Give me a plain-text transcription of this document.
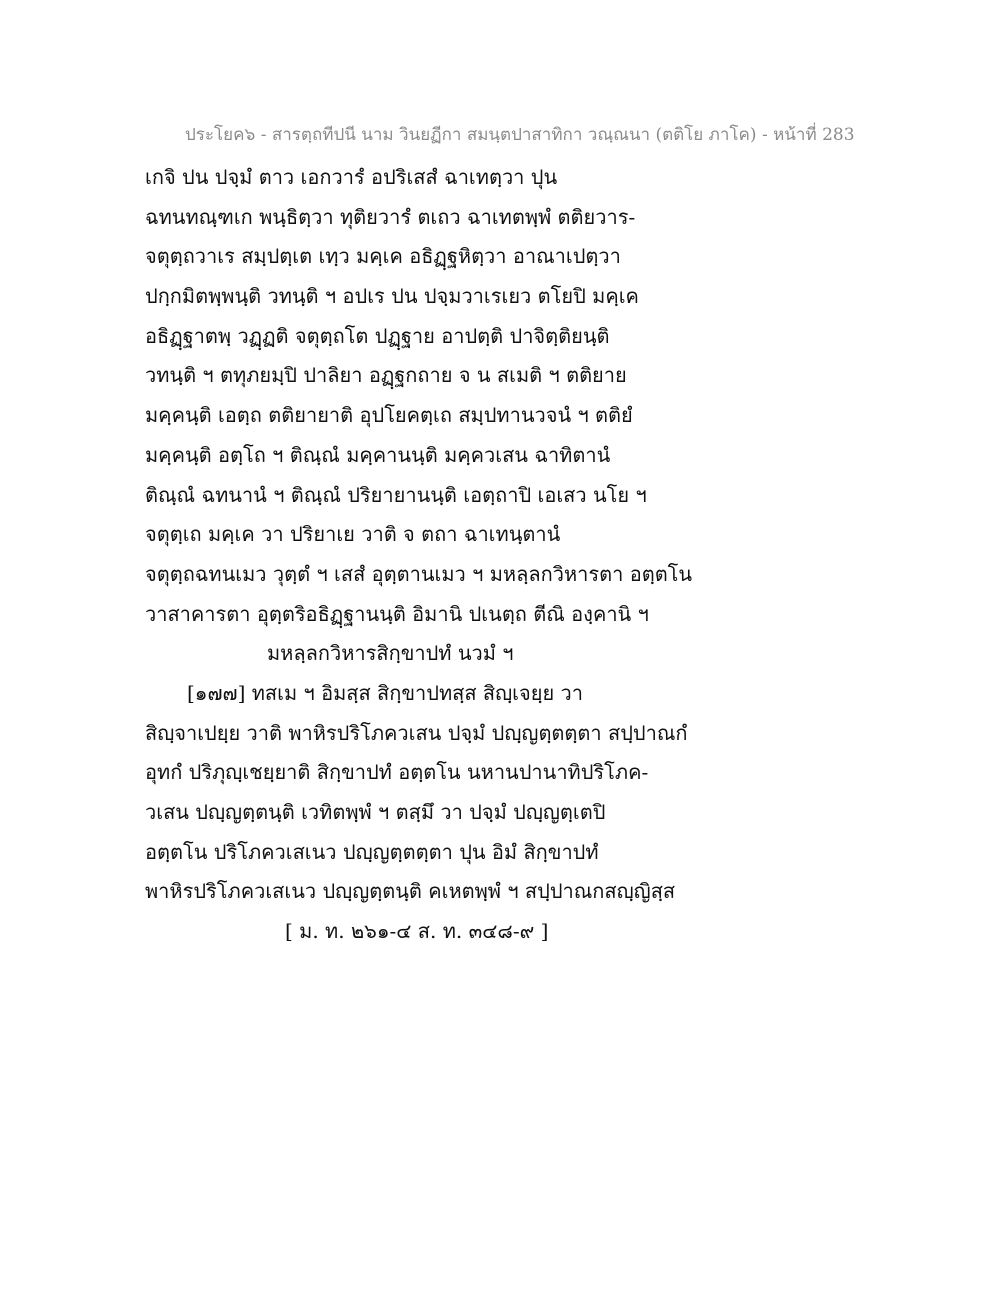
ประโยค๖ - สารตฺถทีปนี นาม วินยฏีกา สมนฺตปาสาทิกา วณฺณนา (ตติโย ภาโค) - หน้าที่ 283
เกจิ ปน ปจฺมํ ตาว เอกวารํ อปริเสสํ ฉาเทตฺวา ปุน
ฉทนทณฺฑเก พนฺธิตฺวา ทุติยวารํ ตเถว ฉาเทตพฺพํ ตติยวาร-
จตุตฺถวาเร สมฺปตฺเต เทฺว มคฺเค อธิฏฺฐหิตฺวา อาณาเปตฺวา
ปกฺกมิตพฺพนฺติ วทนฺติ ฯ อปเร ปน ปจฺมวาเรเยว ตโยปิ มคฺเค
อธิฏฺฐาตพฺ วฏฺฏติ จตุตฺถโต ปฏฺฐาย อาปตฺติ ปาจิตฺติยนฺติ
วทนฺติ ฯ ตทุภยมฺปิ ปาลิยา อฏฺฐกถาย จ น สเมติ ฯ ตติยาย
มคฺคนฺติ เอตฺถ ตติยายาติ อุปโยคตฺเถ สมฺปทานวจนํ ฯ ตติยํ
มคฺคนฺติ อตฺโถ ฯ ติณฺณํ มคฺคานนฺติ มคฺควเสน ฉาทิตานํ
ติณฺณํ ฉทนานํ ฯ ติณฺณํ ปริยายานนฺติ เอตฺถาปิ เอเสว นโย ฯ
จตุตฺเถ มคฺเค วา ปริยาเย วาติ จ ตถา ฉาเทนฺตานํ
จตุตฺถฉทนเมว วุตฺตํ ฯ เสสํ อุตฺตานเมว ฯ มหลฺลกวิหารตา อตฺตโน
วาสาคารตา อุตฺตริอธิฏฺฐานนฺติ อิมานิ ปเนตฺถ ตีณิ องฺคานิ ฯ
มหลฺลกวิหารสิกฺขาปทํ นวมํ ฯ
[๑๗๗] ทสเม ฯ อิมสฺส สิกฺขาปทสฺส สิญฺเจยฺย วา
สิญฺจาเปยฺย วาติ พาหิรปริโภควเสน ปจฺมํ ปญฺญตฺตตฺตา สปฺปาณกํ
อุทกํ ปริภุญฺเชยฺยาติ สิกฺขาปทํ อตฺตโน นหานปานาทิปริโภค-
วเสน ปญฺญตฺตนฺติ เวทิตพฺพํ ฯ ตสฺมึ วา ปจฺมํ ปญฺญตฺเตปิ
อตฺตโน ปริโภควเสเนว ปญฺญตฺตตฺตา ปุน อิมํ สิกฺขาปทํ
พาหิรปริโภควเสเนว ปญฺญตฺตนฺติ คเหตพฺพํ ฯ สปฺปาณกสญฺญิสฺส
[ ม. ท. ๒๖๑-๔ ส. ท. ๓๔๘-๙ ]
